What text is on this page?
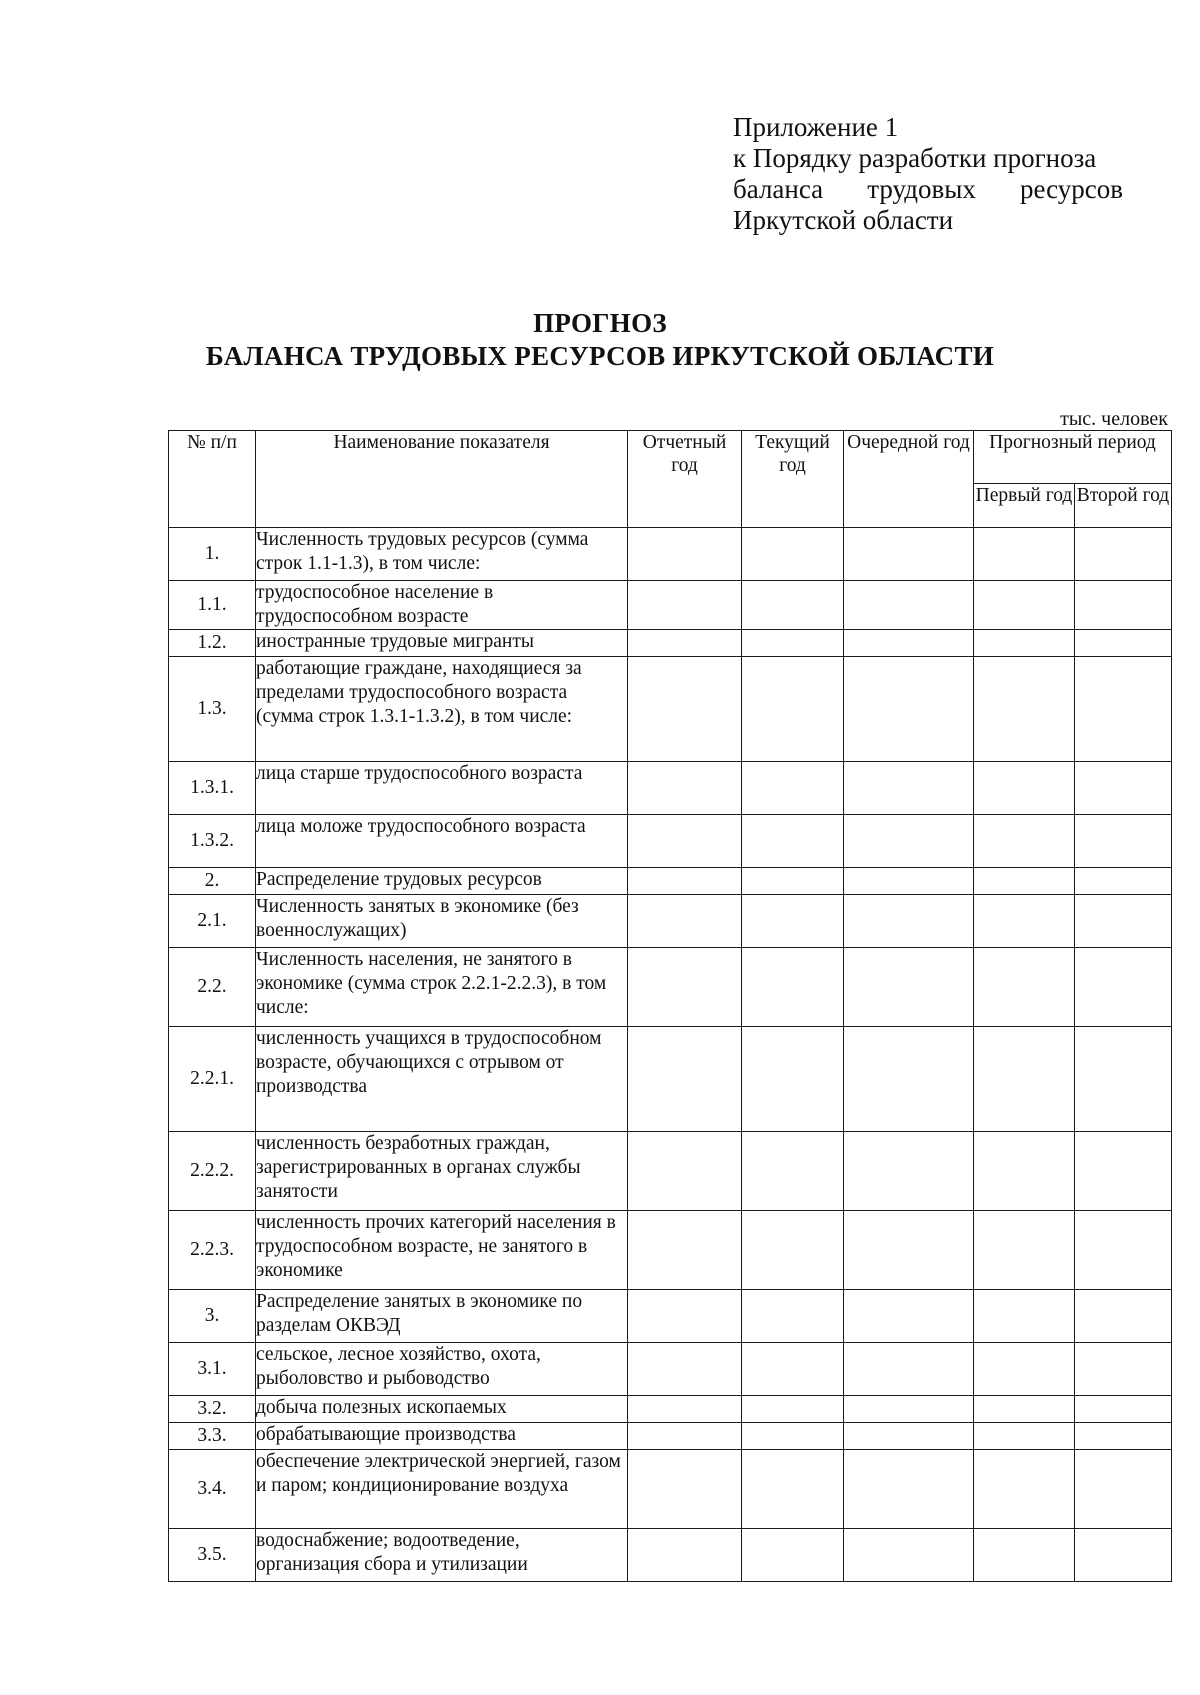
Приложение 1
к Порядку разработки прогноза
баланса трудовых ресурсов
Иркутской области
ПРОГНОЗ
БАЛАНСА ТРУДОВЫХ РЕСУРСОВ ИРКУТСКОЙ ОБЛАСТИ
тыс. человек
№ п/п	Наименование показателя	Отчетный год	Текущий год	Очередной год	Прогнозный период	
					Первый год	Второй год
1.	Численность трудовых ресурсов (сумма строк 1.1-1.3), в том числе:					
1.1.	трудоспособное население в трудоспособном возрасте					
1.2.	иностранные трудовые мигранты					
1.3.	работающие граждане, находящиеся за пределами трудоспособного возраста (сумма строк 1.3.1-1.3.2), в том числе:					
1.3.1.	лица старше трудоспособного возраста					
1.3.2.	лица моложе трудоспособного возраста					
2.	Распределение трудовых ресурсов					
2.1.	Численность занятых в экономике (без военнослужащих)					
2.2.	Численность населения, не занятого в экономике (сумма строк 2.2.1-2.2.3), в том числе:					
2.2.1.	численность учащихся в трудоспособном возрасте, обучающихся с отрывом от производства					
2.2.2.	численность безработных граждан, зарегистрированных в органах службы занятости					
2.2.3.	численность прочих категорий населения в трудоспособном возрасте, не занятого в экономике					
3.	Распределение занятых в экономике по разделам ОКВЭД					
3.1.	сельское, лесное хозяйство, охота, рыболовство и рыбоводство					
3.2.	добыча полезных ископаемых					
3.3.	обрабатывающие производства					
3.4.	обеспечение электрической энергией, газом и паром; кондиционирование воздуха					
3.5.	водоснабжение; водоотведение, организация сбора и утилизации					
